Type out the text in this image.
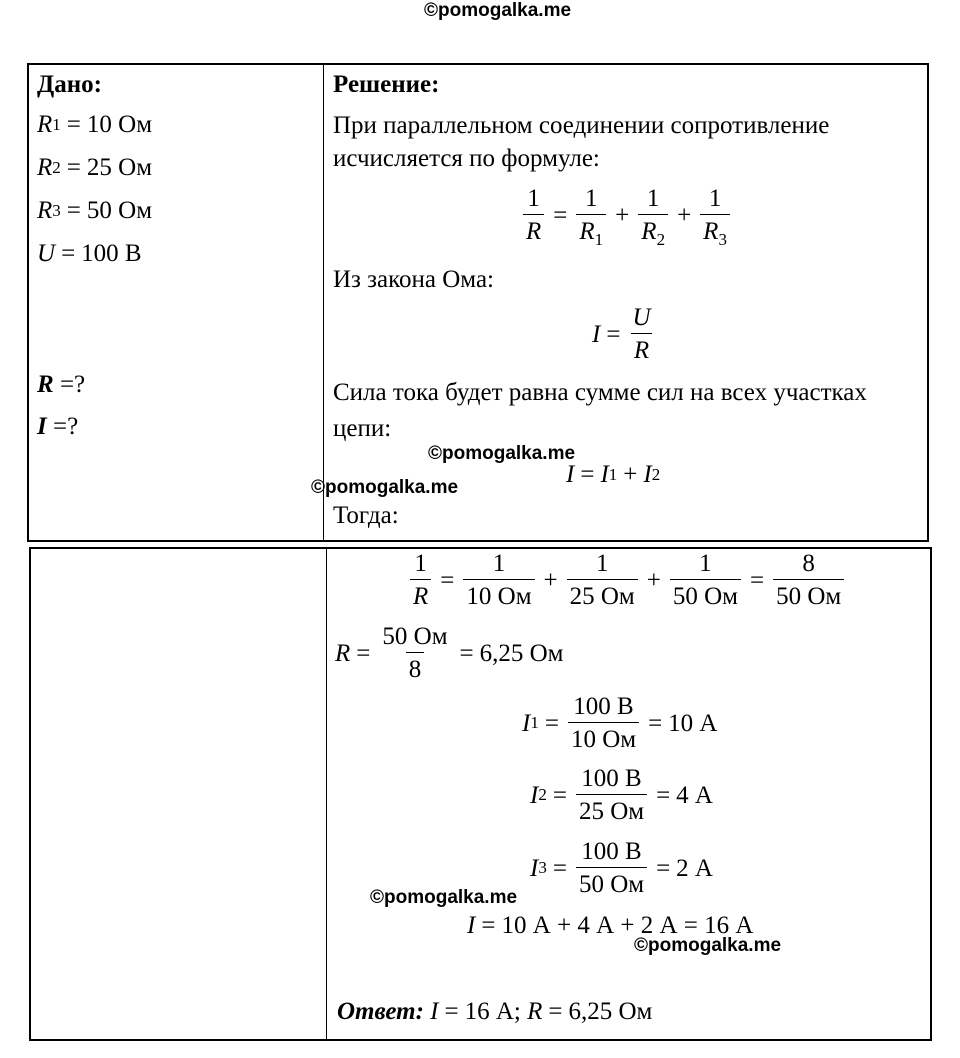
©pomogalka.me
©pomogalka.me
©pomogalka.me
©pomogalka.me
©pomogalka.me
Дано:
R 1 = 10 Ом
R 2 = 25 Ом
R 3 = 50 Ом
U = 100 В
R
=?
I
=?
Решение:
При параллельном соединении сопротивление
исчисляется по формуле:
$\frac{1}{R} = \frac{1}{R_1} + \frac{1}{R_2} + \frac{1}{R_3}$
Из закона Ома:
$I = \frac{U}{R}$
Сила тока будет равна сумме сил на всех участках
цепи:
I = I 1 + I 2
Тогда:
$\frac{1}{R} = \frac{1}{10 Ом} + \frac{1}{25 Ом} + \frac{1}{50 Ом} = \frac{8}{50 Ом}$
$R = \frac{50 Ом}{8} = 6,25$ Ом
I $1 = \frac{100 В}{10 Ом} = 10$ А
I $2 = \frac{100 В}{25 Ом} = 4$ А
I $3 = \frac{100 В}{50 Ом} = 2$ А
I = 10 А + 4 А + 2 А = 16 А
Ответ:
I = 16 А;
R = 6,25 Ом
